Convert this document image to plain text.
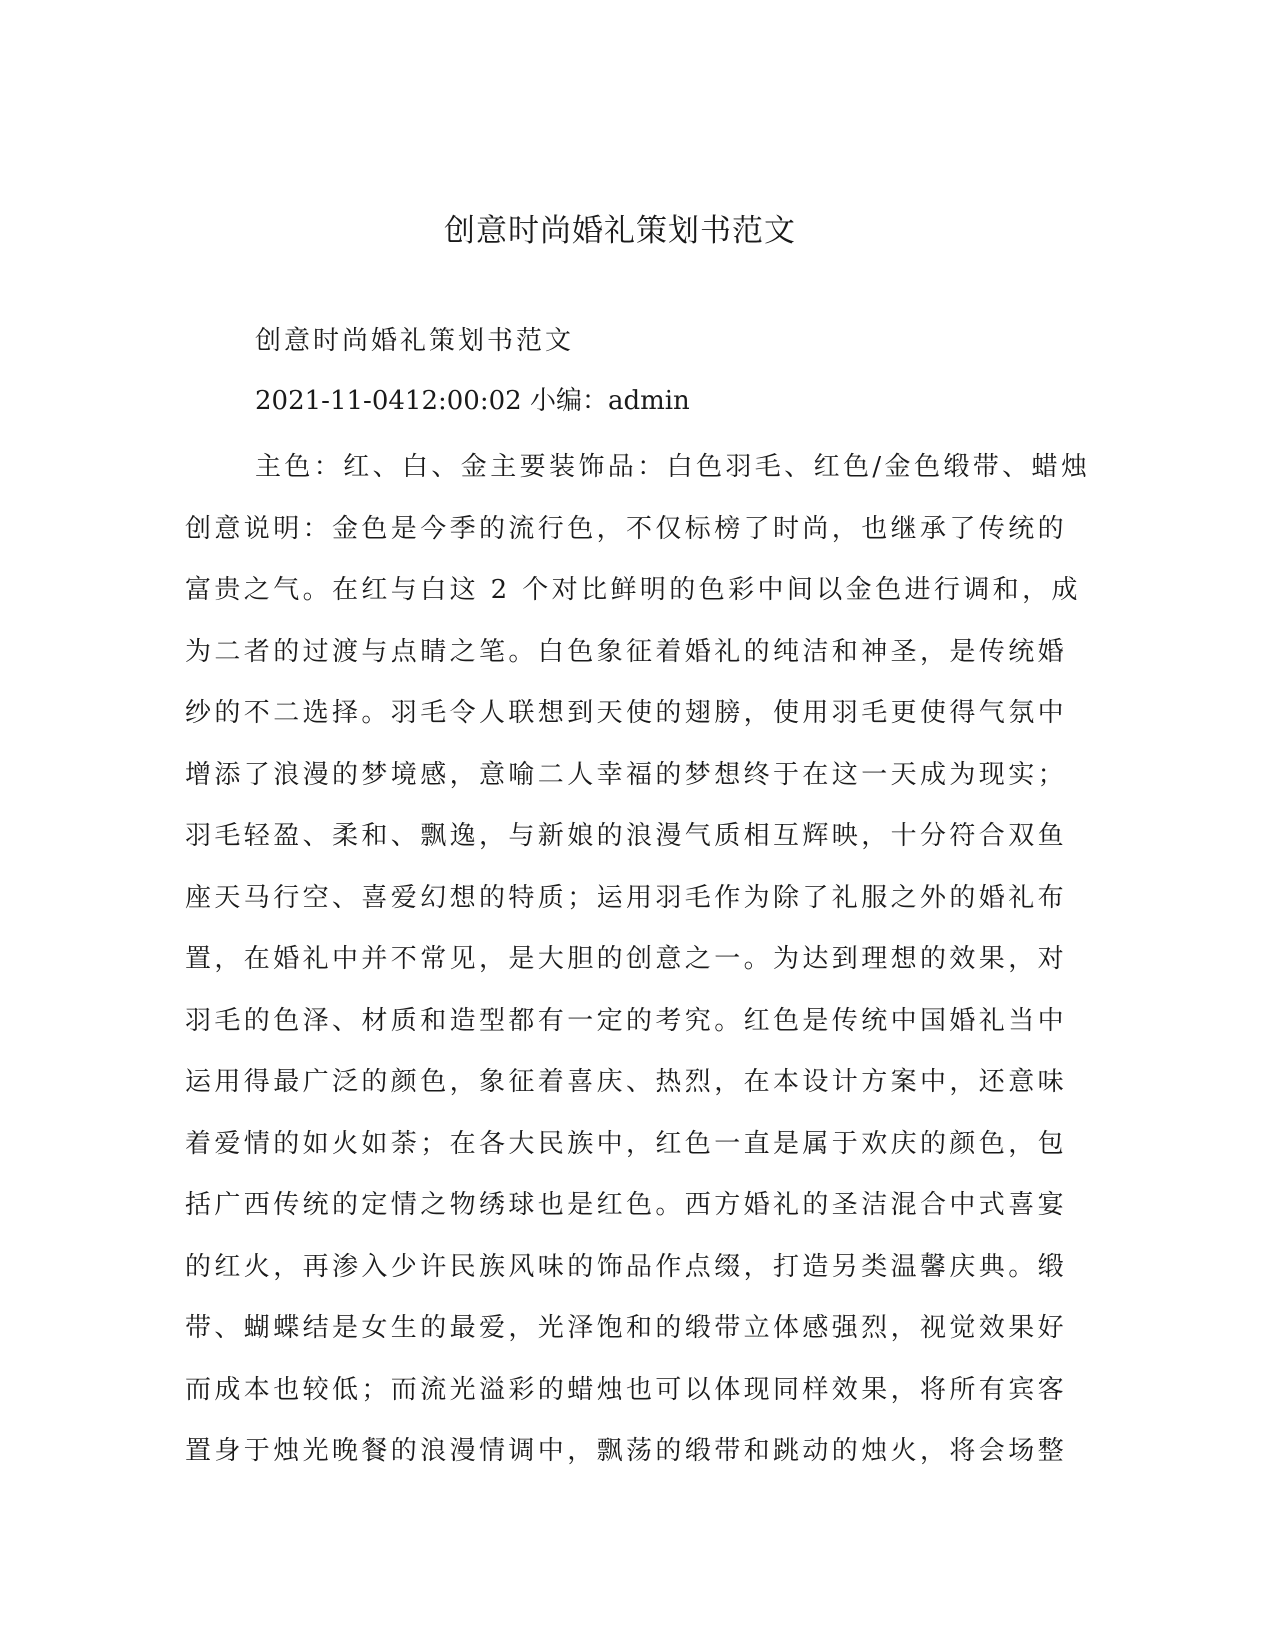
创意时尚婚礼策划书范文
创意时尚婚礼策划书范文
2021-11-0412:00:02 小编：admin
主色：红、白、金主要装饰品：白色羽毛、红色/金色缎带、蜡烛
创意说明：金色是今季的流行色，不仅标榜了时尚，也继承了传统的
富贵之气。在红与白这 2 个对比鲜明的色彩中间以金色进行调和，成
为二者的过渡与点睛之笔。白色象征着婚礼的纯洁和神圣，是传统婚
纱的不二选择。羽毛令人联想到天使的翅膀，使用羽毛更使得气氛中
增添了浪漫的梦境感，意喻二人幸福的梦想终于在这一天成为现实；
羽毛轻盈、柔和、飘逸，与新娘的浪漫气质相互辉映，十分符合双鱼
座天马行空、喜爱幻想的特质；运用羽毛作为除了礼服之外的婚礼布
置，在婚礼中并不常见，是大胆的创意之一。为达到理想的效果，对
羽毛的色泽、材质和造型都有一定的考究。红色是传统中国婚礼当中
运用得最广泛的颜色，象征着喜庆、热烈，在本设计方案中，还意味
着爱情的如火如荼；在各大民族中，红色一直是属于欢庆的颜色，包
括广西传统的定情之物绣球也是红色。西方婚礼的圣洁混合中式喜宴
的红火，再渗入少许民族风味的饰品作点缀，打造另类温馨庆典。缎
带、蝴蝶结是女生的最爱，光泽饱和的缎带立体感强烈，视觉效果好
而成本也较低；而流光溢彩的蜡烛也可以体现同样效果，将所有宾客
置身于烛光晚餐的浪漫情调中，飘荡的缎带和跳动的烛火，将会场整
